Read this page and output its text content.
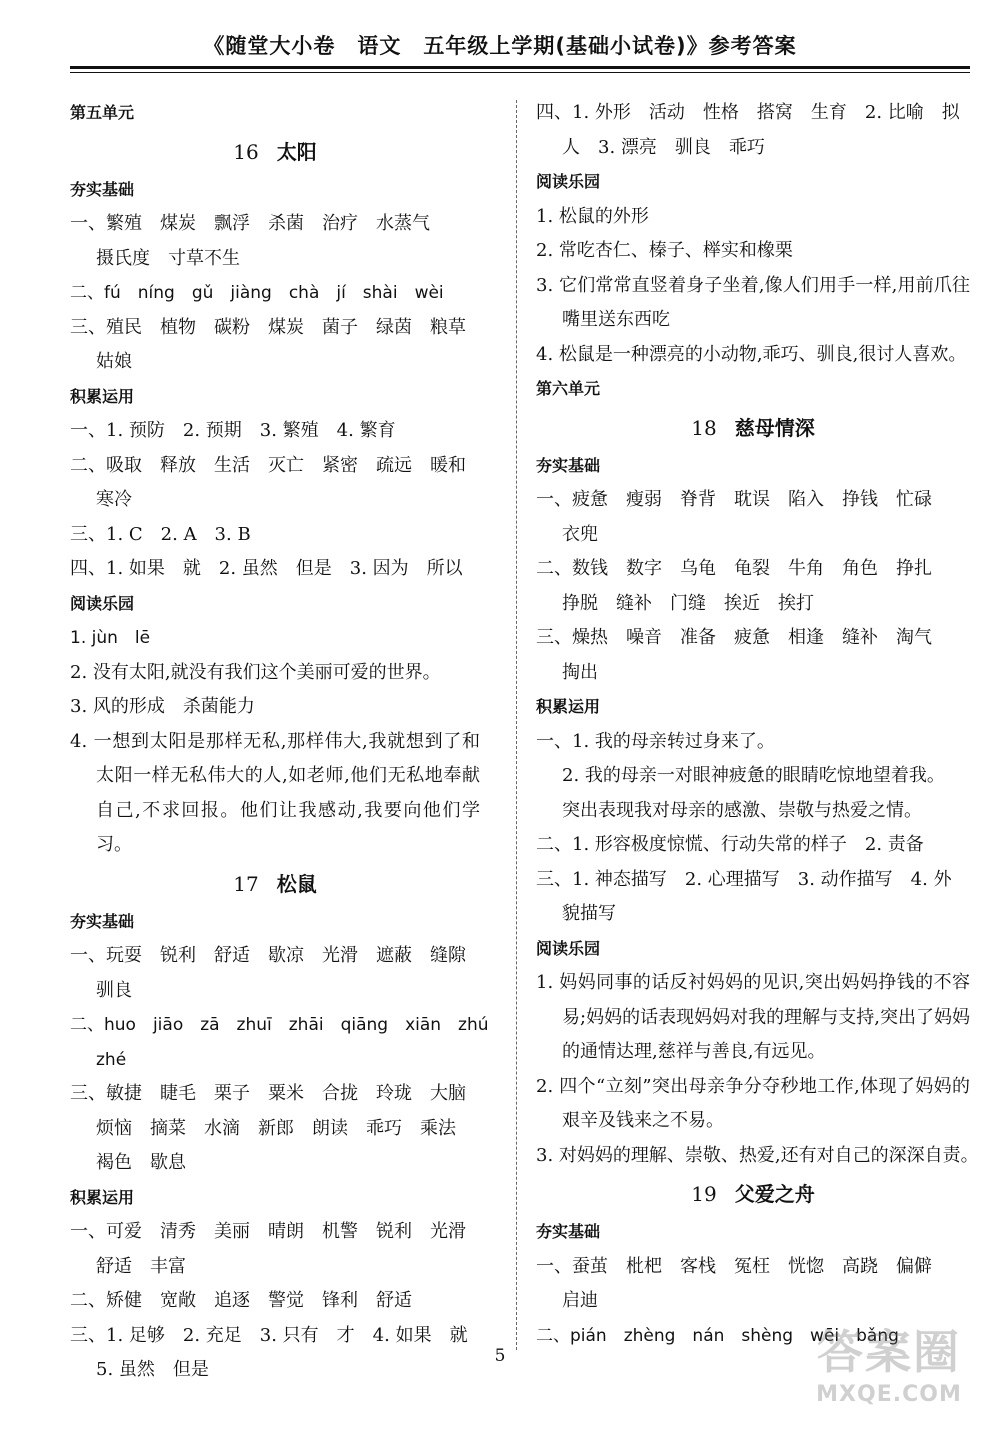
《随堂大小卷　语文　五年级上学期(基础小试卷)》参考答案
第五单元
16 太阳
夯实基础
一、繁殖　煤炭　飘浮　杀菌　治疗　水蒸气
摄氏度　寸草不生
二、fú　níng　gǔ　jiàng　chà　jí　shài　wèi
三、殖民　植物　碳粉　煤炭　菌子　绿茵　粮草
姑娘
积累运用
一、1. 预防　2. 预期　3. 繁殖　4. 繁育
二、吸取　释放　生活　灭亡　紧密　疏远　暖和
寒冷
三、1. C　2. A　3. B
四、1. 如果　就　2. 虽然　但是　3. 因为　所以
阅读乐园
1. jùn　lē
2. 没有太阳,就没有我们这个美丽可爱的世界。
3. 风的形成　杀菌能力
4. 一想到太阳是那样无私,那样伟大,我就想到了和太阳一样无私伟大的人,如老师,他们无私地奉献自己,不求回报。他们让我感动,我要向他们学习。
17 松鼠
夯实基础
一、玩耍　锐利　舒适　歇凉　光滑　遮蔽　缝隙
驯良
二、huo　jiāo　zā　zhuī　zhāi　qiāng　xiān　zhú
zhé
三、敏捷　睫毛　栗子　粟米　合拢　玲珑　大脑
烦恼　摘菜　水滴　新郎　朗读　乖巧　乘法
褐色　歇息
积累运用
一、可爱　清秀　美丽　晴朗　机警　锐利　光滑
舒适　丰富
二、矫健　宽敞　追逐　警觉　锋利　舒适
三、1. 足够　2. 充足　3. 只有　才　4. 如果　就
5. 虽然　但是
四、1. 外形　活动　性格　搭窝　生育　2. 比喻　拟
人　3. 漂亮　驯良　乖巧
阅读乐园
1. 松鼠的外形
2. 常吃杏仁、榛子、榉实和橡栗
3. 它们常常直竖着身子坐着,像人们用手一样,用前爪往嘴里送东西吃
4. 松鼠是一种漂亮的小动物,乖巧、驯良,很讨人喜欢。
第六单元
18 慈母情深
夯实基础
一、疲惫　瘦弱　脊背　耽误　陷入　挣钱　忙碌
衣兜
二、数钱　数字　乌龟　龟裂　牛角　角色　挣扎
挣脱　缝补　门缝　挨近　挨打
三、燥热　噪音　准备　疲惫　相逢　缝补　淘气
掏出
积累运用
一、1. 我的母亲转过身来了。
2. 我的母亲一对眼神疲惫的眼睛吃惊地望着我。
突出表现我对母亲的感激、崇敬与热爱之情。
二、1. 形容极度惊慌、行动失常的样子　2. 责备
三、1. 神态描写　2. 心理描写　3. 动作描写　4. 外
貌描写
阅读乐园
1. 妈妈同事的话反衬妈妈的见识,突出妈妈挣钱的不容易;妈妈的话表现妈妈对我的理解与支持,突出了妈妈的通情达理,慈祥与善良,有远见。
2. 四个“立刻”突出母亲争分夺秒地工作,体现了妈妈的艰辛及钱来之不易。
3. 对妈妈的理解、崇敬、热爱,还有对自己的深深自责。
19 父爱之舟
夯实基础
一、蚕茧　枇杷　客栈　冤枉　恍惚　高跷　偏僻
启迪
二、pián　zhèng　nán　shèng　wēi　bǎng
5	答案圈
MXQE.COM
